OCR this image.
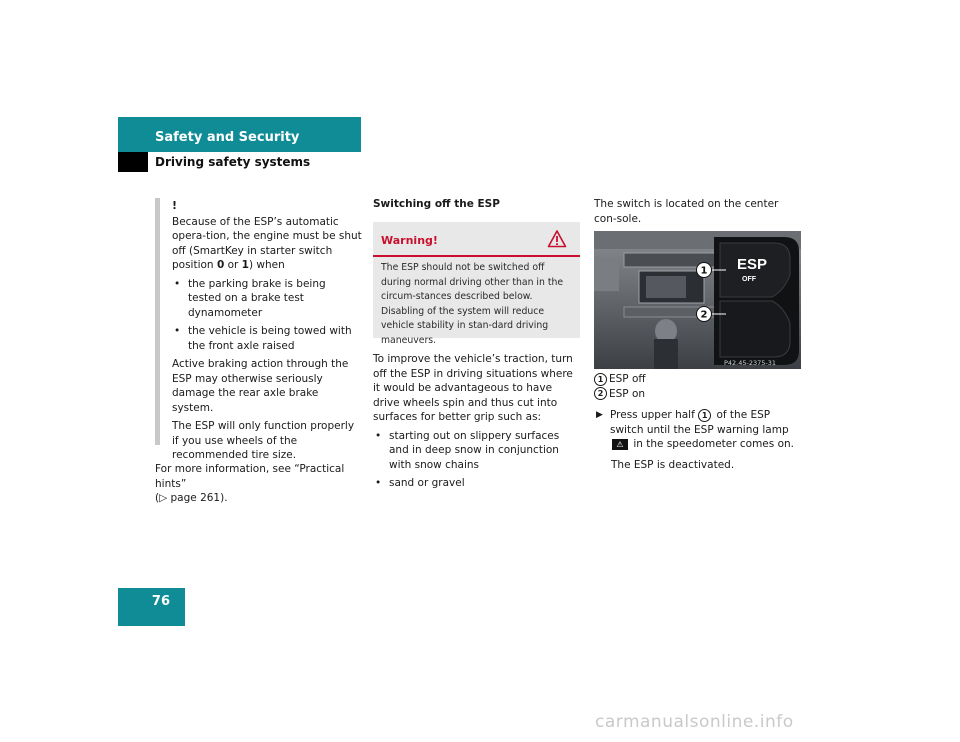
Safety and Security
Driving safety systems
!

Because of the ESP’s automatic opera-tion, the engine must be shut off (SmartKey in starter switch position 0 or 1) when

• the parking brake is being tested on a brake test dynamometer
• the vehicle is being towed with the front axle raised

Active braking action through the ESP may otherwise seriously damage the rear axle brake system.

The ESP will only function properly if you use wheels of the recommended tire size.

For more information, see “Practical hints”
(▷ page 261).
Switching off the ESP
Warning!
The ESP should not be switched off during normal driving other than in the circum-stances described below. Disabling of the system will reduce vehicle stability in stan-dard driving maneuvers.

To improve the vehicle’s traction, turn off the ESP in driving situations where it would be advantageous to have drive wheels spin and thus cut into surfaces for better grip such as:

• starting out on slippery surfaces and in deep snow in conjunction with snow chains
• sand or gravel
The switch is located on the center con-sole.
ESP
OFF
1
2
P42.45-2375-31
1 ESP off
2 ESP on
▶ Press upper half 1 of the ESP switch until the ESP warning lamp ⚠ in the speedometer comes on.
The ESP is deactivated.
76
carmanualsonline.info
